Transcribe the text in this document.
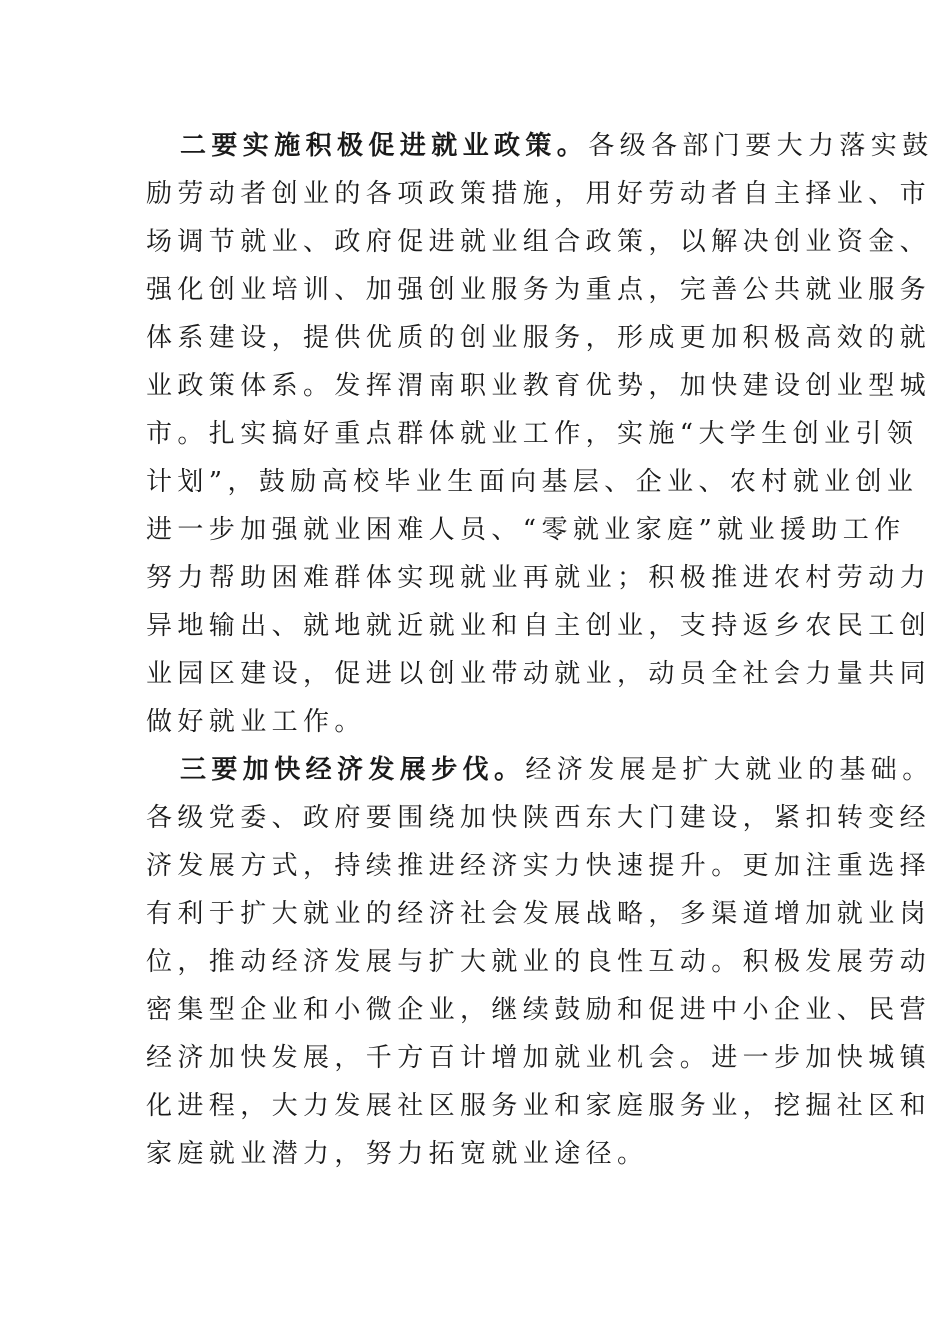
二要实施积极促进就业政策。各级各部门要大力落实鼓
励劳动者创业的各项政策措施，用好劳动者自主择业、市
场调节就业、政府促进就业组合政策，以解决创业资金、
强化创业培训、加强创业服务为重点，完善公共就业服务
体系建设，提供优质的创业服务，形成更加积极高效的就
业政策体系。发挥渭南职业教育优势，加快建设创业型城
市。扎实搞好重点群体就业工作，实施“大学生创业引领
计划”，鼓励高校毕业生面向基层、企业、农村就业创业
进一步加强就业困难人员、“零就业家庭”就业援助工作
努力帮助困难群体实现就业再就业；积极推进农村劳动力
异地输出、就地就近就业和自主创业，支持返乡农民工创
业园区建设，促进以创业带动就业，动员全社会力量共同
做好就业工作。

三要加快经济发展步伐。经济发展是扩大就业的基础。
各级党委、政府要围绕加快陕西东大门建设，紧扣转变经
济发展方式，持续推进经济实力快速提升。更加注重选择
有利于扩大就业的经济社会发展战略，多渠道增加就业岗
位，推动经济发展与扩大就业的良性互动。积极发展劳动
密集型企业和小微企业，继续鼓励和促进中小企业、民营
经济加快发展，千方百计增加就业机会。进一步加快城镇
化进程，大力发展社区服务业和家庭服务业，挖掘社区和
家庭就业潜力，努力拓宽就业途径。
